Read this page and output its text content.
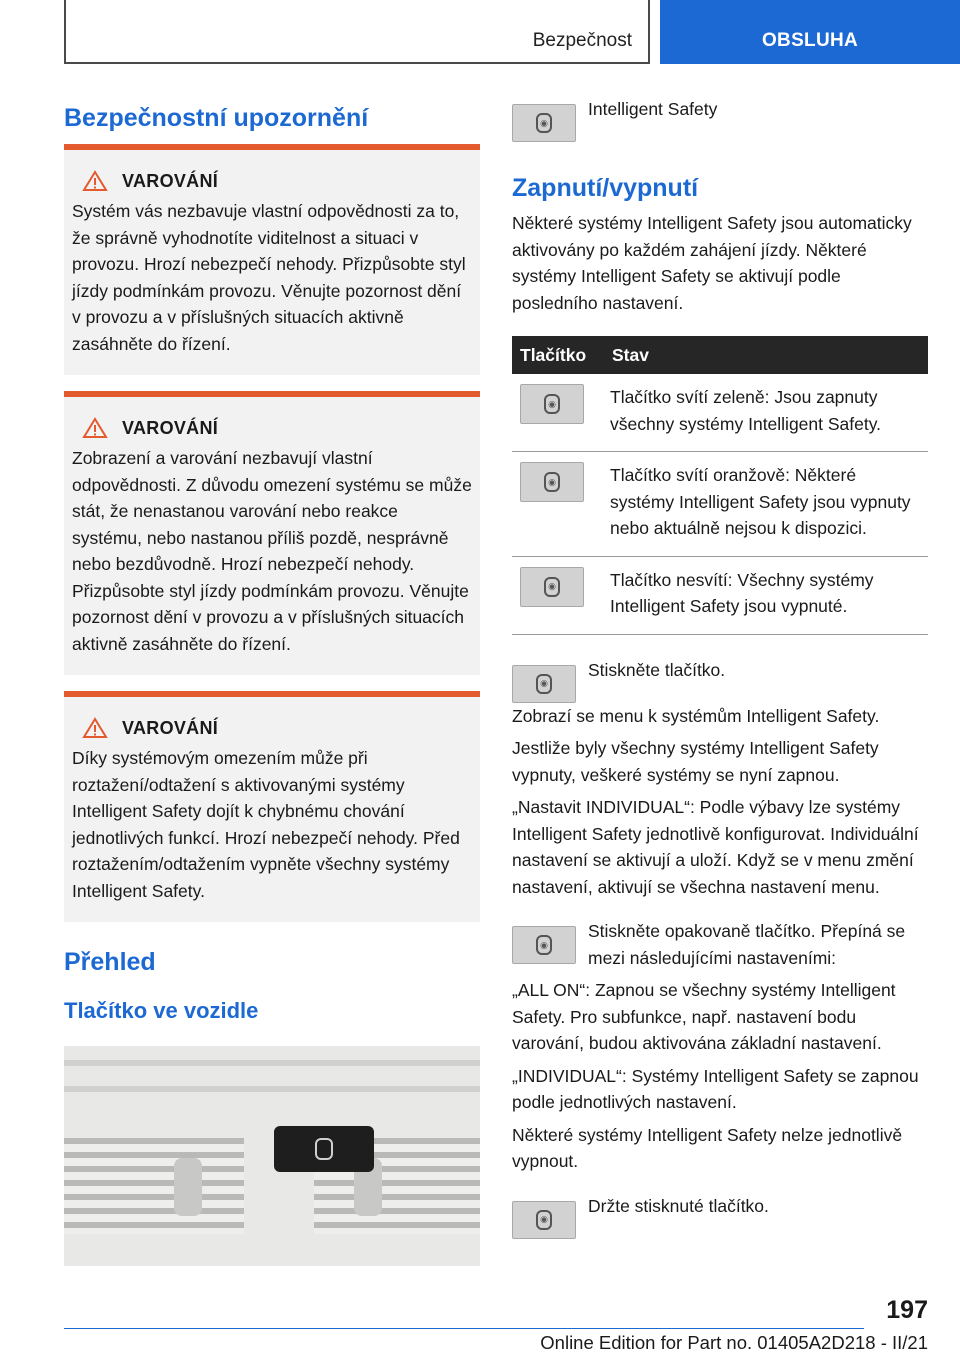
Bezpečnost	OBSLUHA
Bezpečnostní upozornění
VAROVÁNÍ

Systém vás nezbavuje vlastní odpovědnosti za to, že správně vyhodnotíte viditelnost a situaci v provozu. Hrozí nebezpečí nehody. Přizpůsobte styl jízdy podmínkám provozu. Věnujte pozornost dění v provozu a v příslušných situacích aktivně zasáhněte do řízení.

VAROVÁNÍ

Zobrazení a varování nezbavují vlastní odpovědnosti. Z důvodu omezení systému se může stát, že nenastanou varování nebo reakce systému, nebo nastanou příliš pozdě, nesprávně nebo bezdůvodně. Hrozí nebezpečí nehody. Přizpůsobte styl jízdy podmínkám provozu. Věnujte pozornost dění v provozu a v příslušných situacích aktivně zasáhněte do řízení.

VAROVÁNÍ

Díky systémovým omezením může při roztažení/odtažení s aktivovanými systémy Intelligent Safety dojít k chybnému chování jednotlivých funkcí. Hrozí nebezpečí nehody. Před roztažením/odtažením vypněte všechny systémy Intelligent Safety.

Přehled
Tlačítko ve vozidle
◉

Intelligent Safety

Zapnutí/vypnutí

Některé systémy Intelligent Safety jsou automaticky aktivovány po každém zahájení jízdy. Některé systémy Intelligent Safety se aktivují podle posledního nastavení.

Tlačítko	Stav

◉	Tlačítko svítí zeleně: Jsou zapnuty všechny systémy Intelligent Safety.

◉	Tlačítko svítí oranžově: Některé systémy Intelligent Safety jsou vypnuty nebo aktuálně nejsou k dispozici.

◉	Tlačítko nesvítí: Všechny systémy Intelligent Safety jsou vypnuté.
◉

Stiskněte tlačítko.

Zobrazí se menu k systémům Intelligent Safety.

Jestliže byly všechny systémy Intelligent Safety vypnuty, veškeré systémy se nyní zapnou.

„Nastavit INDIVIDUAL“: Podle výbavy lze systémy Intelligent Safety jednotlivě konfigurovat. Individuální nastavení se aktivují a uloží. Když se v menu změní nastavení, aktivují se všechna nastavení menu.

◉

Stiskněte opakovaně tlačítko. Přepíná se mezi následujícími nastaveními:

„ALL ON“: Zapnou se všechny systémy Intelligent Safety. Pro subfunkce, např. nastavení bodu varování, budou aktivována základní nastavení.

„INDIVIDUAL“: Systémy Intelligent Safety se zapnou podle jednotlivých nastavení.

Některé systémy Intelligent Safety nelze jednotlivě vypnout.

◉

Držte stisknuté tlačítko.

197
Online Edition for Part no. 01405A2D218 - II/21
